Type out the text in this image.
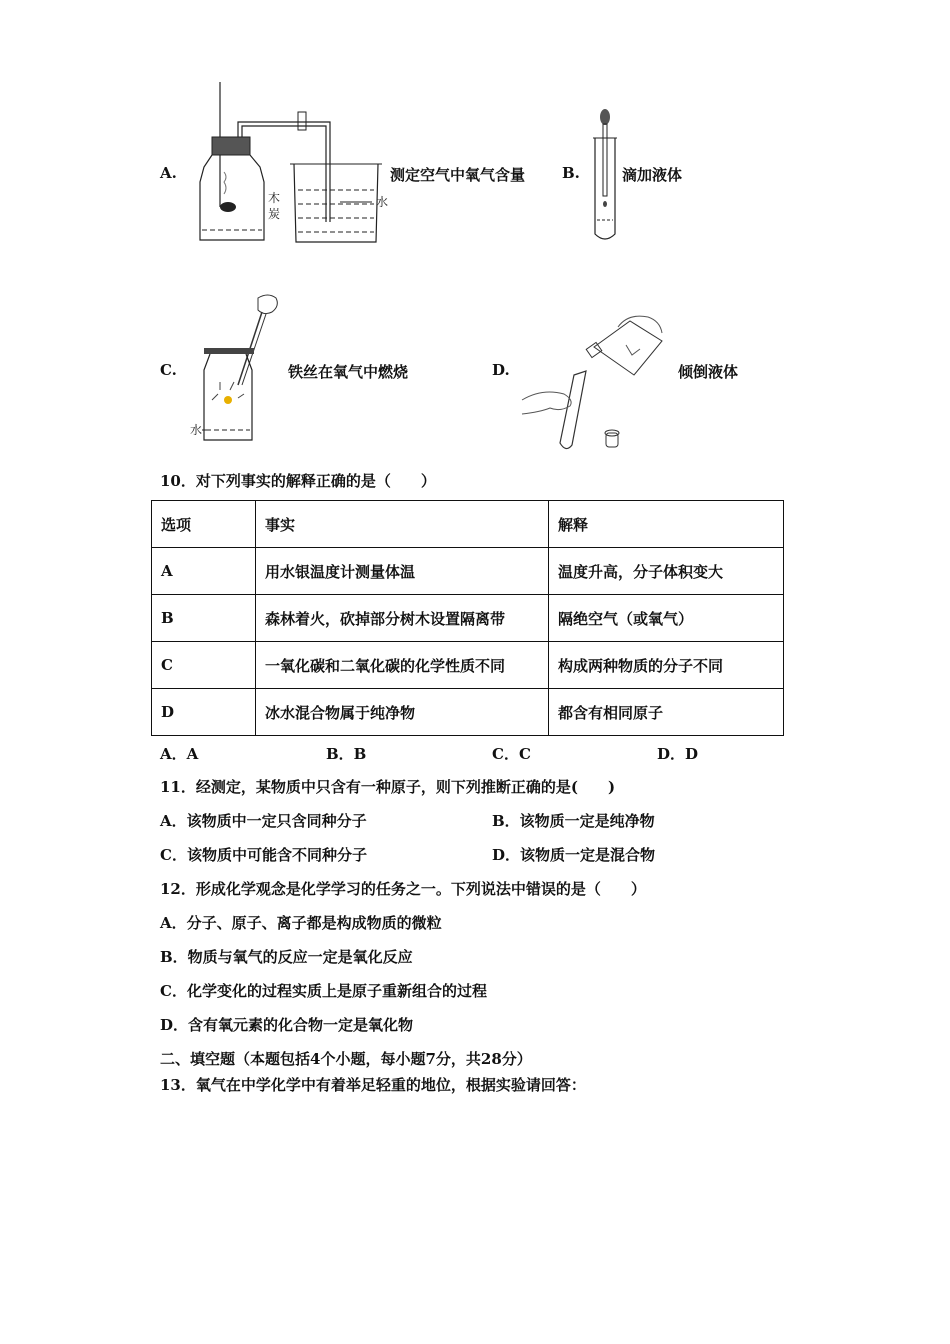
A.
木
炭
水
测定空气中氧气含量 B.	滴加液体
C.
水
铁丝在氧气中燃烧	D.	倾倒液体
10．对下列事实的解释正确的是（　　）
选项	事实	解释
A	用水银温度计测量体温	温度升高，分子体积变大
B	森林着火，砍掉部分树木设置隔离带	隔绝空气（或氧气）
C	一氧化碳和二氧化碳的化学性质不同	构成两种物质的分子不同
D	冰水混合物属于纯净物	都含有相同原子
A．A	B．B	C．C	D．D
11．经测定，某物质中只含有一种原子，则下列推断正确的是(　　)
A．该物质中一定只含同种分子	B．该物质一定是纯净物
C．该物质中可能含不同种分子	D．该物质一定是混合物
12．形成化学观念是化学学习的任务之一。下列说法中错误的是（　　）
A．分子、原子、离子都是构成物质的微粒
B．物质与氧气的反应一定是氧化反应
C．化学变化的过程实质上是原子重新组合的过程
D．含有氧元素的化合物一定是氧化物
二、填空题（本题包括4个小题，每小题7分，共28分）
13．氧气在中学化学中有着举足轻重的地位，根据实验请回答：
